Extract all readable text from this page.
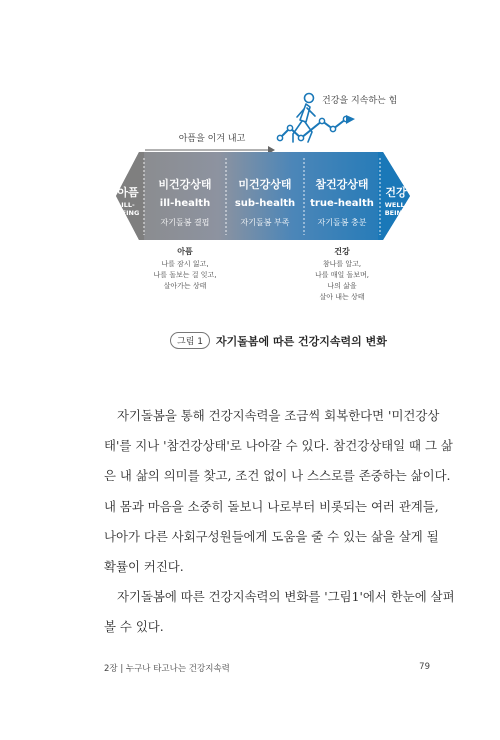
아픔을 이겨 내고
건강을 지속하는 힘
아픔
ILL-
BEING
건강
WELL-
BEING
비건강상태
ill-health
자기돌봄 결핍
미건강상태
sub-health
자기돌봄 부족
참건강상태
true-health
자기돌봄 충분
아픔
나를 잠시 잃고,
나를 돌보는 걸 잊고,
살아가는 상태
건강
참나를 알고,
나를 매일 돌보며,
나의 삶을
살아 내는 상태
그림 1	자기돌봄에 따른 건강지속력의 변화
자기돌봄을 통해 건강지속력을 조금씩 회복한다면 '미건강상
태'를 지나 '참건강상태'로 나아갈 수 있다. 참건강상태일 때 그 삶
은 내 삶의 의미를 찾고, 조건 없이 나 스스로를 존중하는 삶이다.
내 몸과 마음을 소중히 돌보니 나로부터 비롯되는 여러 관계들,
나아가 다른 사회구성원들에게 도움을 줄 수 있는 삶을 살게 될
확률이 커진다.
자기돌봄에 따른 건강지속력의 변화를 '그림1'에서 한눈에 살펴
볼 수 있다.
2장 | 누구나 타고나는 건강지속력	79
